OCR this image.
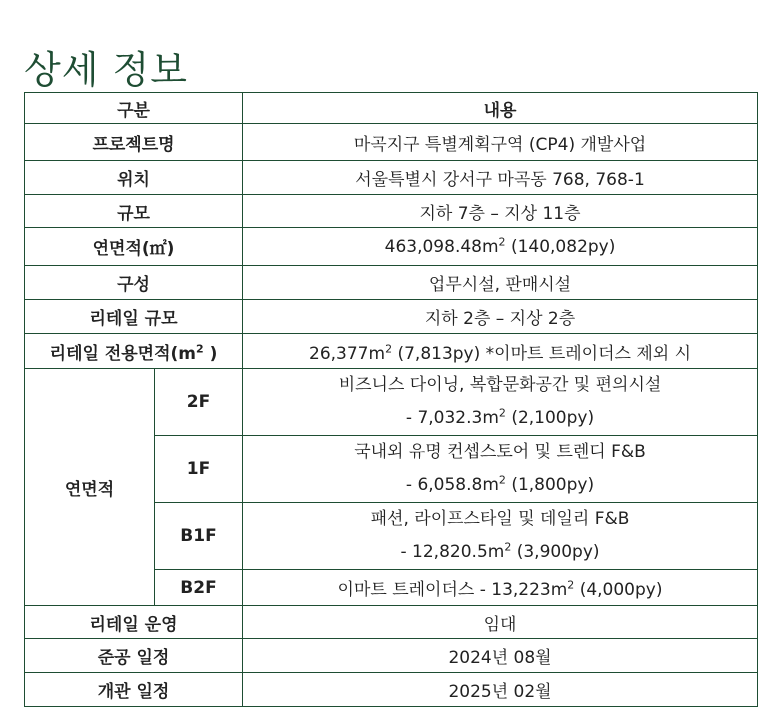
상세 정보
구분		내용
프로젝트명		마곡지구 특별계획구역 (CP4) 개발사업
위치		서울특별시 강서구 마곡동 768, 768-1
규모		지하 7층 – 지상 11층
연면적(㎡)		$463,098.48m^2$ (140,082py)
구성		업무시설, 판매시설
리테일 규모		지하 2층 – 지상 2층
리테일 전용면적($m^2$ )		$26,377m^2$ (7,813py) *이마트 트레이더스 제외 시
연면적	2F	비즈니스 다이닝, 복합문화공간 및 편의시설
- $7,032.3m^2$ (2,100py)

	1F	국내외 유명 컨셉스토어 및 트렌디 F&B
- $6,058.8m^2$ (1,800py)

	B1F	패션, 라이프스타일 및 데일리 F&B
- $12,820.5m^2$ (3,900py)

	B2F	이마트 트레이더스 - $13,223m^2$ (4,000py)
리테일 운영		임대
준공 일정		2024년 08월
개관 일정		2025년 02월
